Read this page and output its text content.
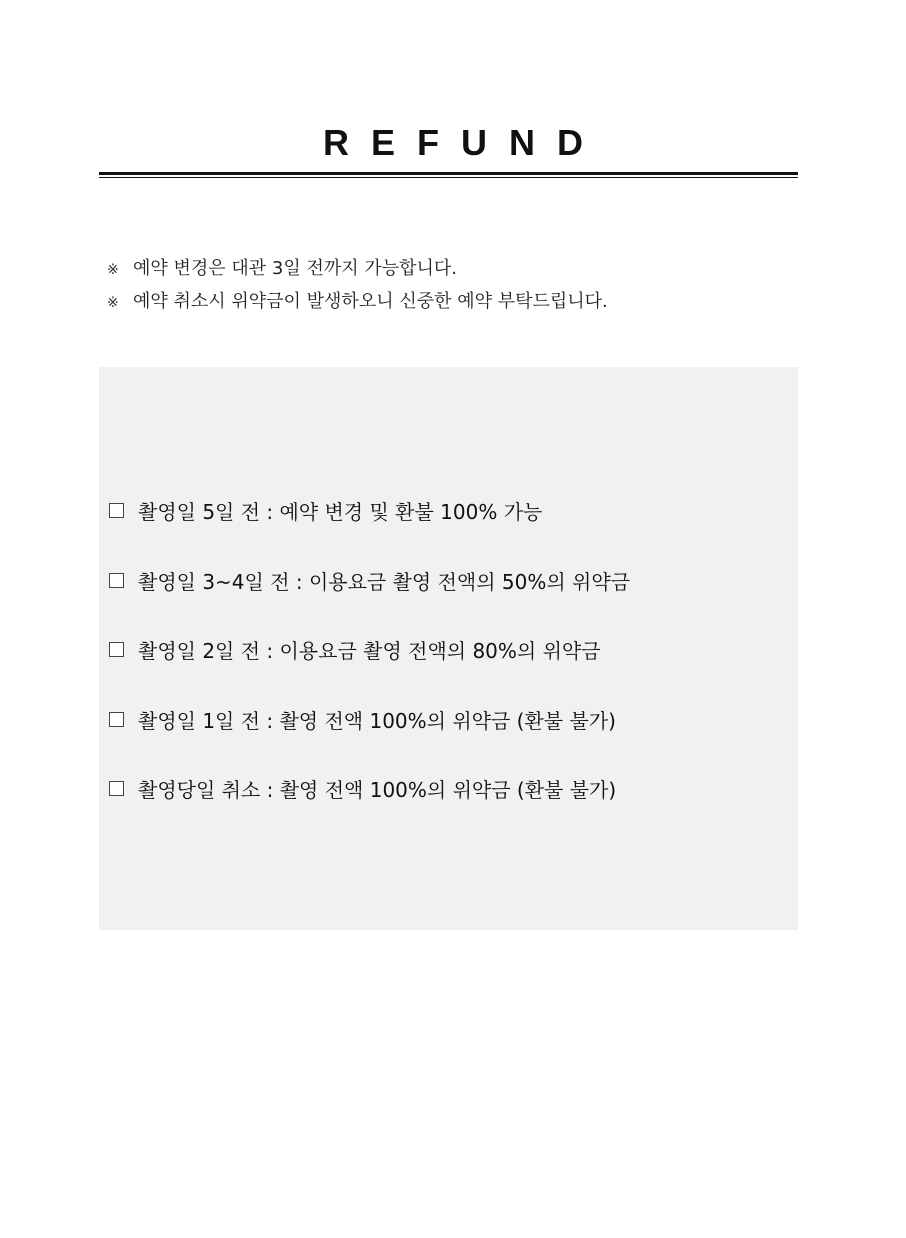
REFUND
※ 예약 변경은 대관 3일 전까지 가능합니다.
※ 예약 취소시 위약금이 발생하오니 신중한 예약 부탁드립니다.
촬영일 5일 전 : 예약 변경 및 환불 100% 가능
촬영일 3~4일 전 : 이용요금 촬영 전액의 50%의 위약금
촬영일 2일 전 : 이용요금 촬영 전액의 80%의 위약금
촬영일 1일 전 : 촬영 전액 100%의 위약금 (환불 불가)
촬영당일 취소 : 촬영 전액 100%의 위약금 (환불 불가)
